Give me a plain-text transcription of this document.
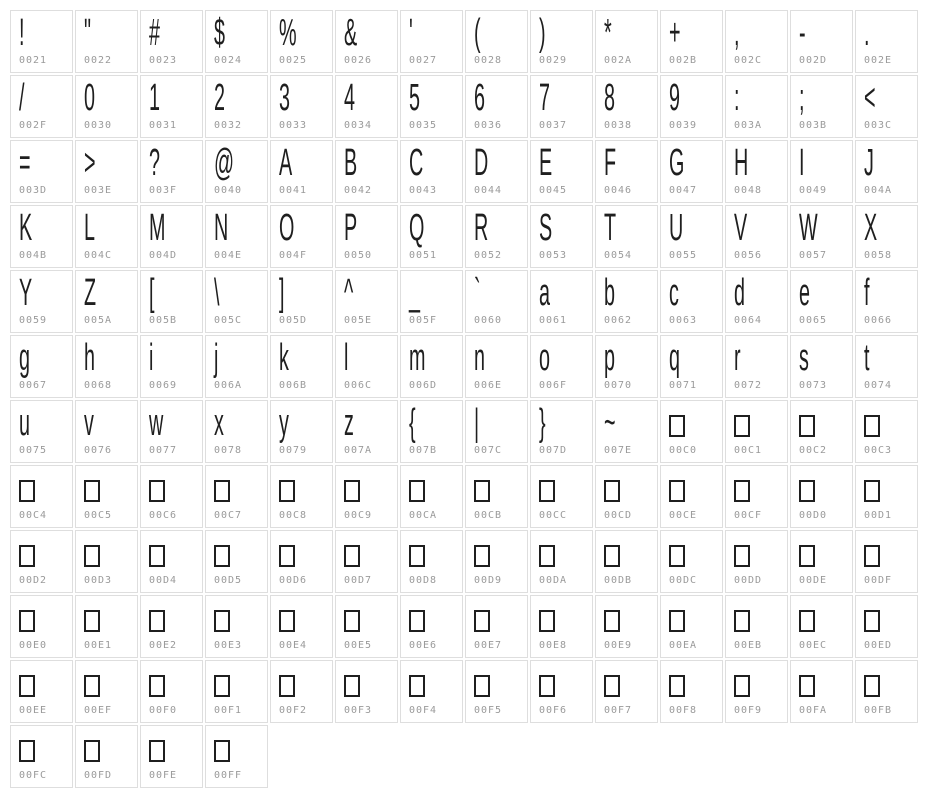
!
0021

"
0022

#
0023

$
0024

%
0025

&
0026

'
0027

(
0028

)
0029

*
002A

+
002B

,
002C

-
002D

.
002E

/
002F

0
0030

1
0031

2
0032

3
0033

4
0034

5
0035

6
0036

7
0037

8
0038

9
0039

:
003A

;
003B

<
003C

=
003D

>
003E

?
003F

@
0040

A
0041

B
0042

C
0043

D
0044

E
0045

F
0046

G
0047

H
0048

I
0049

J
004A

K
004B

L
004C

M
004D

N
004E

O
004F

P
0050

Q
0051

R
0052

S
0053

T
0054

U
0055

V
0056

W
0057

X
0058

Y
0059

Z
005A

[
005B

\
005C

]
005D

^
005E

_
005F

`
0060

a
0061

b
0062

c
0063

d
0064

e
0065

f
0066

g
0067

h
0068

i
0069

j
006A

k
006B

l
006C

m
006D

n
006E

o
006F

p
0070

q
0071

r
0072

s
0073

t
0074

u
0075

v
0076

w
0077

x
0078

y
0079

z
007A

{
007B

|
007C

}
007D

~
007E	00C0	00C1	00C2	00C3

00C4	00C5	00C6	00C7	00C8	00C9	00CA	00CB	00CC	00CD	00CE	00CF	00D0	00D1

00D2	00D3	00D4	00D5	00D6	00D7	00D8	00D9	00DA	00DB	00DC	00DD	00DE	00DF

00E0	00E1	00E2	00E3	00E4	00E5	00E6	00E7	00E8	00E9	00EA	00EB	00EC	00ED

00EE	00EF	00F0	00F1	00F2	00F3	00F4	00F5	00F6	00F7	00F8	00F9	00FA	00FB

00FC	00FD	00FE	00FF										
